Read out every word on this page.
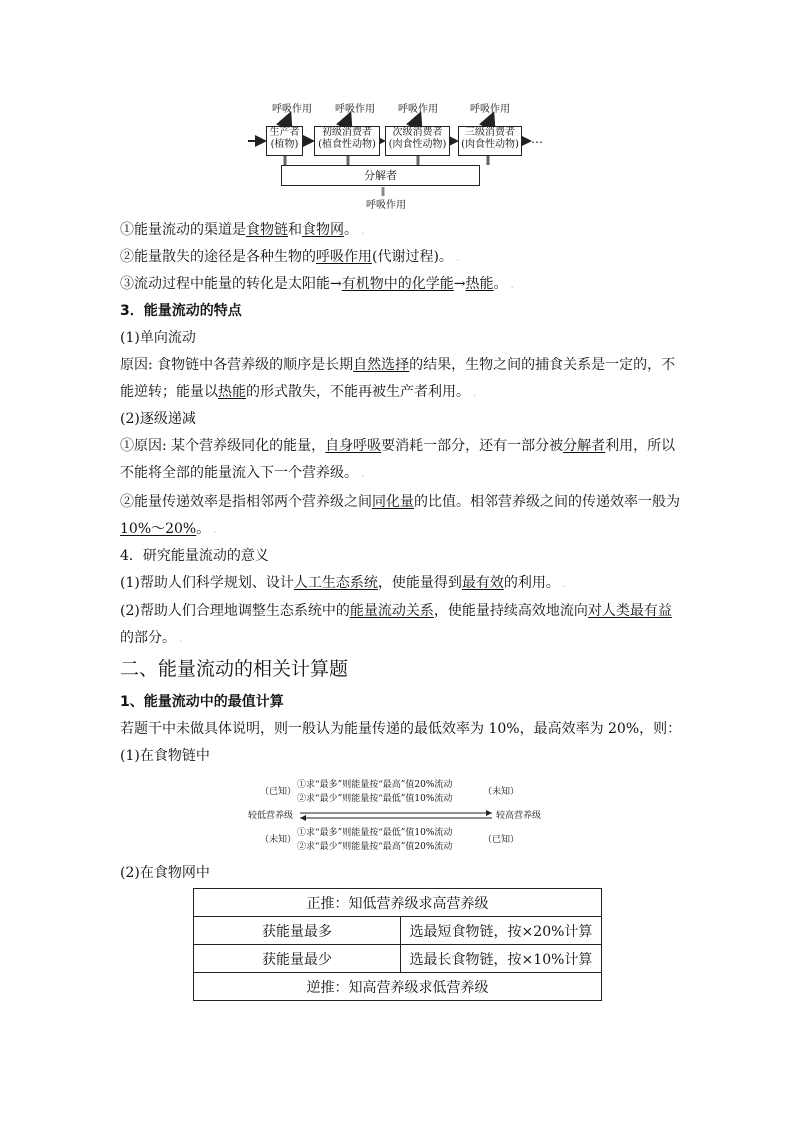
呼吸作用 呼吸作用 呼吸作用	呼吸作用
生产者
(植物)
初级消费者
(植食性动物)
次级消费者
(肉食性动物)
三级消费者
(肉食性动物) …
分解者
呼吸作用
①能量流动的渠道是食物链和食物网。 .
②能量散失的途径是各种生物的呼吸作用(代谢过程)。 .
③流动过程中能量的转化是太阳能→有机物中的化学能→热能。 .
3．能量流动的特点
(1)单向流动
原因: 食物链中各营养级的顺序是长期自然选择的结果，生物之间的捕食关系是一定的，不
能逆转；能量以热能的形式散失，不能再被生产者利用。 .
(2)逐级递减
①原因: 某个营养级同化的能量，自身呼吸要消耗一部分，还有一部分被分解者利用，所以
不能将全部的能量流入下一个营养级。 .
②能量传递效率是指相邻两个营养级之间同化量的比值。相邻营养级之间的传递效率一般为
10%～20%。 .
4．研究能量流动的意义
(1)帮助人们科学规划、设计人工生态系统，使能量得到最有效的利用。 .
(2)帮助人们合理地调整生态系统中的能量流动关系，使能量持续高效地流向对人类最有益
的部分。 .
二、能量流动的相关计算题
1、能量流动中的最值计算
若题干中未做具体说明，则一般认为能量传递的最低效率为 10%，最高效率为 20%，则：
(1)在食物链中
（已知）
①求“最多”则能量按“最高”值20%流动
②求“最少”则能量按“最低”值10%流动
（未知）
较低营养级	较高营养级
（未知）
①求“最多”则能量按“最低”值10%流动
②求“最少”则能量按“最高”值20%流动
（已知）
(2)在食物网中
正推：知低营养级求高营养级	
获能量最多	选最短食物链，按×20%计算
获能量最少	选最长食物链，按×10%计算
逆推：知高营养级求低营养级	
